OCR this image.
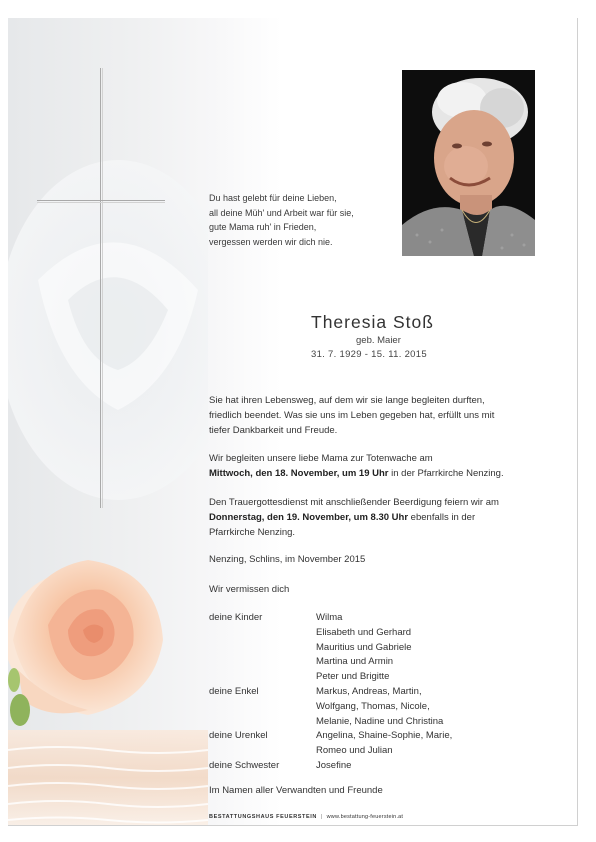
Du hast gelebt für deine Lieben,
all deine Müh' und Arbeit war für sie,
gute Mama ruh' in Frieden,
vergessen werden wir dich nie.
Theresia Stoß
geb. Maier
31. 7. 1929 - 15. 11. 2015
Sie hat ihren Lebensweg, auf dem wir sie lange begleiten durften,
friedlich beendet. Was sie uns im Leben gegeben hat, erfüllt uns mit
tiefer Dankbarkeit und Freude.
Wir begleiten unsere liebe Mama zur Totenwache am
Mittwoch, den 18. November, um 19 Uhr in der Pfarrkirche Nenzing.
Den Trauergottesdienst mit anschließender Beerdigung feiern wir am
Donnerstag, den 19. November, um 8.30 Uhr ebenfalls in der
Pfarrkirche Nenzing.
Nenzing, Schlins, im November 2015
Wir vermissen dich
deine Kinder	Wilma
Elisabeth und Gerhard
Mauritius und Gabriele
Martina und Armin
Peter und Brigitte
deine Enkel	Markus, Andreas, Martin,
Wolfgang, Thomas, Nicole,
Melanie, Nadine und Christina
deine Urenkel	Angelina, Shaine-Sophie, Marie,
Romeo und Julian
deine Schwester	Josefine
Im Namen aller Verwandten und Freunde
BESTATTUNGSHAUS FEUERSTEIN | www.bestattung-feuerstein.at
